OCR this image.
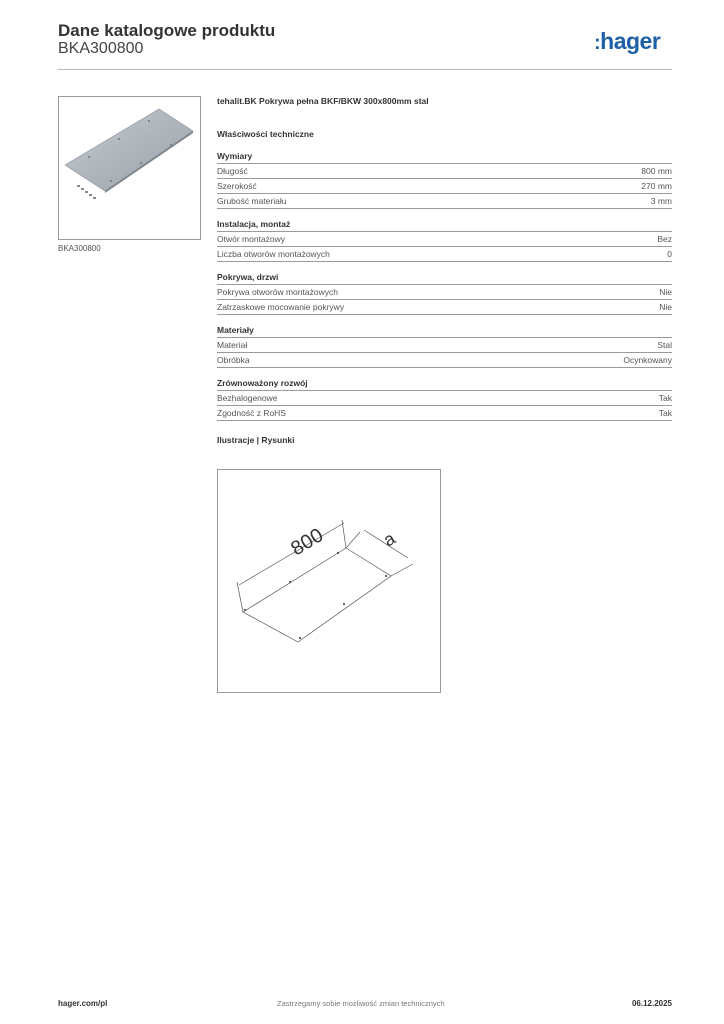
Dane katalogowe produktu
BKA300800	:hager
BKA300800
tehalit.BK Pokrywa pełna BKF/BKW 300x800mm stal
Właściwości techniczne
Wymiary
Długość	800 mm
Szerokość	270 mm
Grubość materiału	3 mm
Instalacja, montaż
Otwór montażowy	Bez
Liczba otworów montażowych	0
Pokrywa, drzwi
Pokrywa otworów montażowych	Nie
Zatrzaskowe mocowanie pokrywy	Nie
Materiały
Materiał	Stal
Obróbka	Ocynkowany
Zrównoważony rozwój
Bezhalogenowe	Tak
Zgodność z RoHS	Tak
Ilustracje | Rysunki
800	a
hager.com/pl	Zastrzegamy sobie możliwość zmian technicznych	06.12.2025
